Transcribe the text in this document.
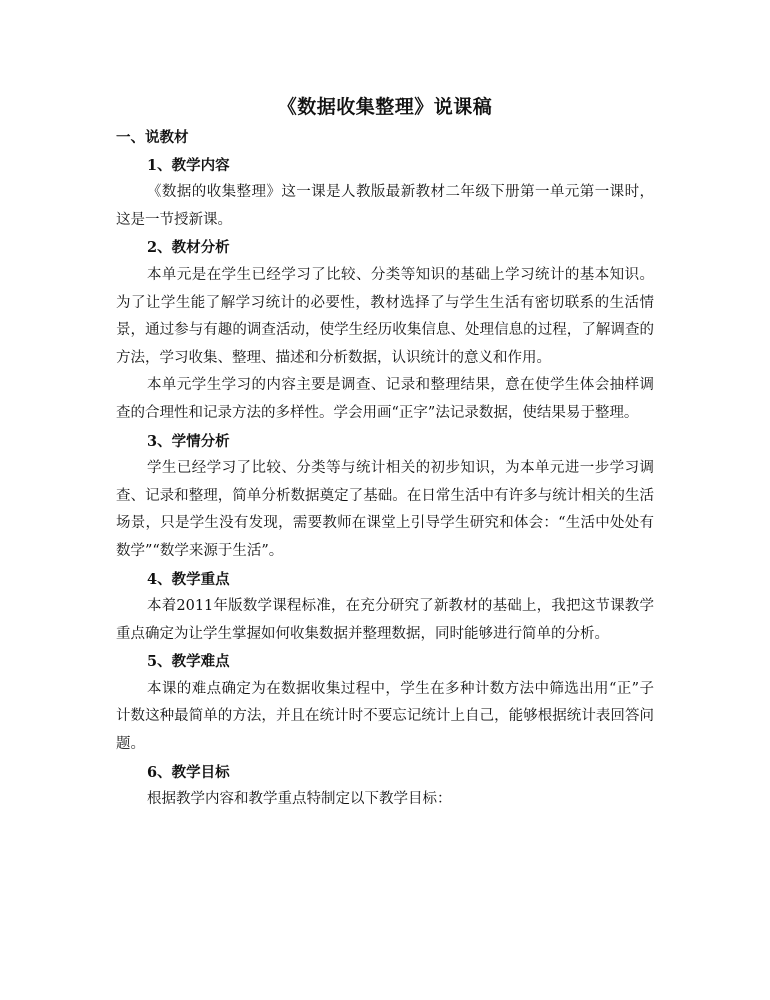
《数据收集整理》说课稿
一、说教材
1、教学内容
《数据的收集整理》这一课是人教版最新教材二年级下册第一单元第一课时，这是一节授新课。
2、教材分析
本单元是在学生已经学习了比较、分类等知识的基础上学习统计的基本知识。为了让学生能了解学习统计的必要性，教材选择了与学生生活有密切联系的生活情景，通过参与有趣的调查活动，使学生经历收集信息、处理信息的过程，了解调查的方法，学习收集、整理、描述和分析数据，认识统计的意义和作用。
本单元学生学习的内容主要是调查、记录和整理结果，意在使学生体会抽样调查的合理性和记录方法的多样性。学会用画“正字”法记录数据，使结果易于整理。
3、学情分析
学生已经学习了比较、分类等与统计相关的初步知识，为本单元进一步学习调查、记录和整理，简单分析数据奠定了基础。在日常生活中有许多与统计相关的生活场景，只是学生没有发现，需要教师在课堂上引导学生研究和体会：“生活中处处有数学”“数学来源于生活”。
4、教学重点
本着2011年版数学课程标准，在充分研究了新教材的基础上，我把这节课教学重点确定为让学生掌握如何收集数据并整理数据，同时能够进行简单的分析。
5、教学难点
本课的难点确定为在数据收集过程中，学生在多种计数方法中筛选出用“正”子计数这种最简单的方法，并且在统计时不要忘记统计上自己，能够根据统计表回答问题。
6、教学目标
根据教学内容和教学重点特制定以下教学目标：
